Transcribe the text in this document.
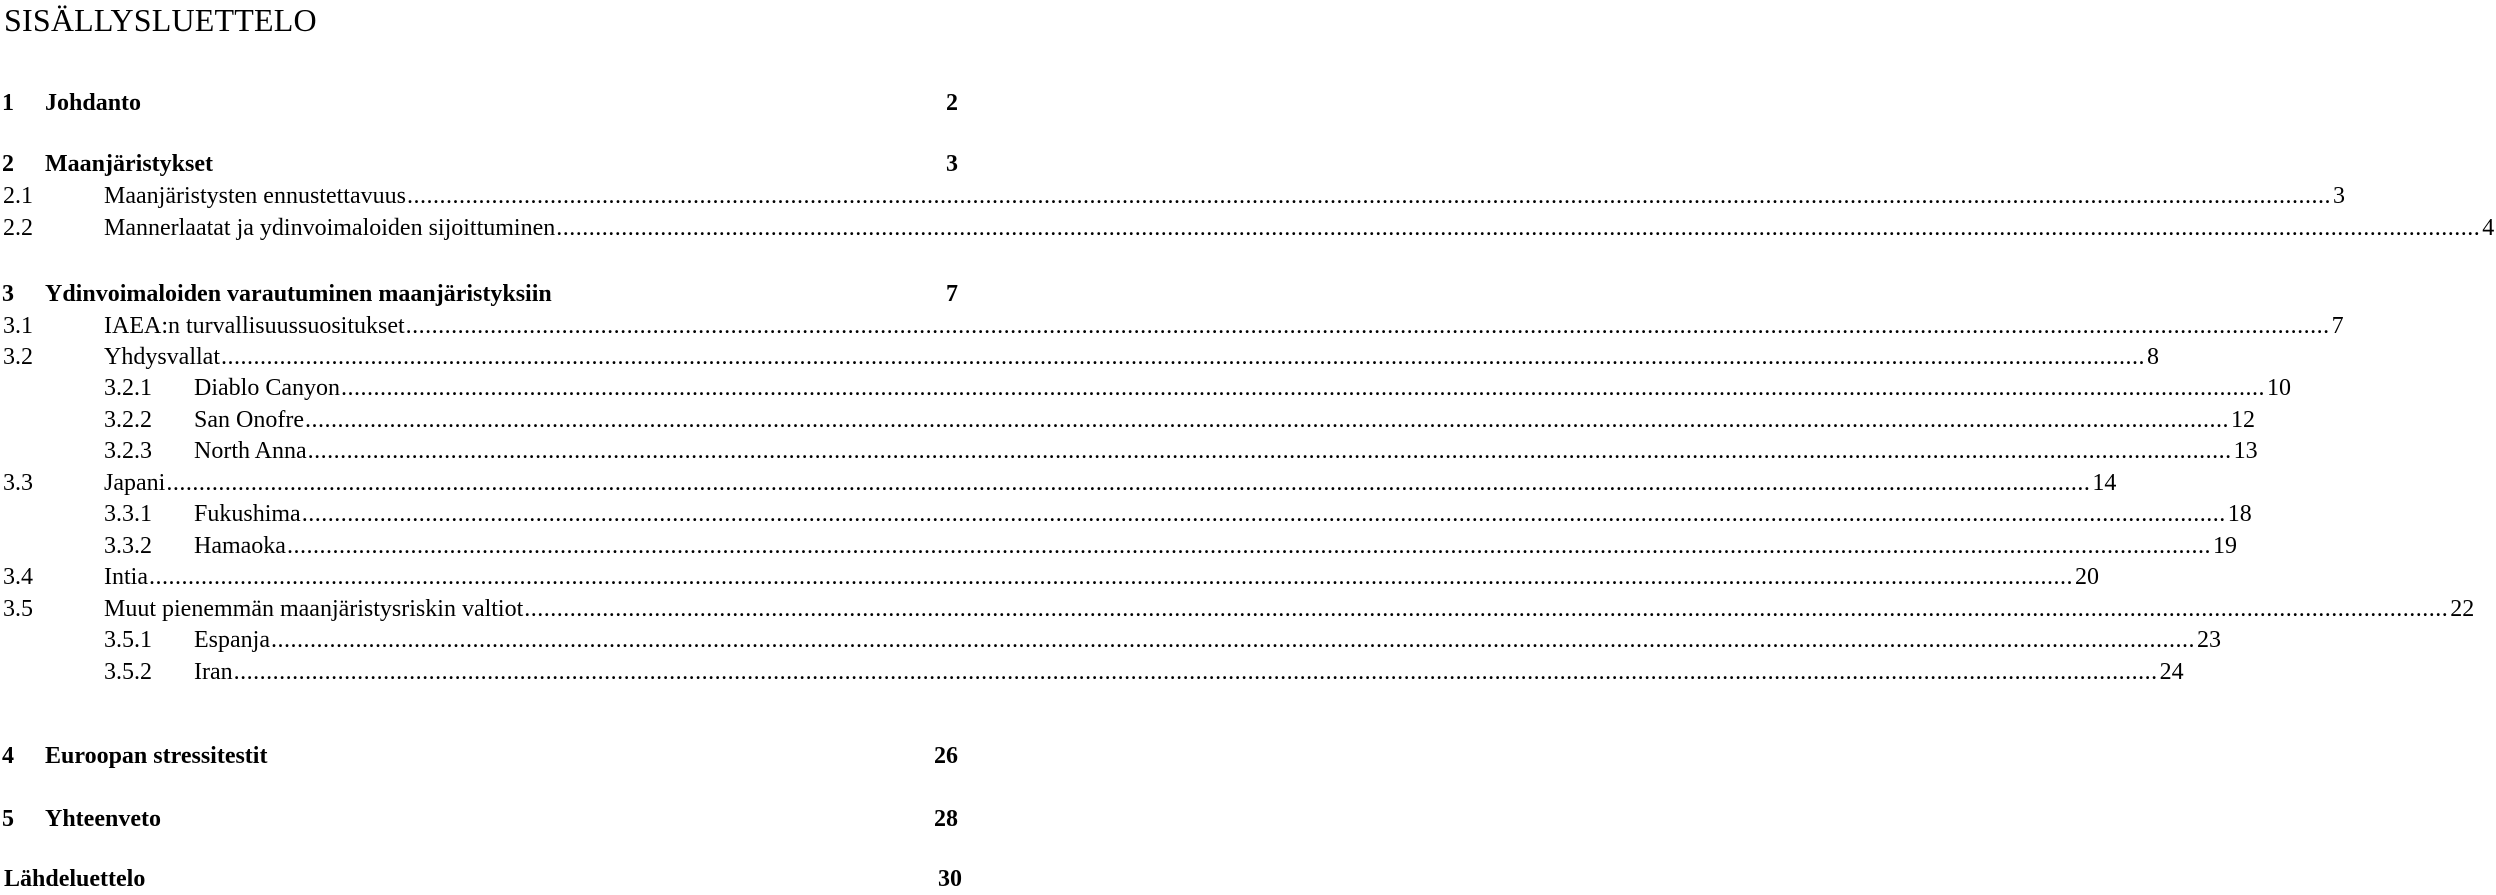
SISÄLLYSLUETTELO
1	Johdanto	2
2	Maanjäristykset	3
2.1	Maanjäristysten ennustettavuus .....	3
2.2	Mannerlaatat ja ydinvoimaloiden sijoittuminen .....	4
3	Ydinvoimaloiden varautuminen maanjäristyksiin	7
3.1	IAEA:n turvallisuussuositukset .....	7
3.2	Yhdysvallat .....	8
3.2.1	Diablo Canyon .....	10
3.2.2	San Onofre .....	12
3.2.3	North Anna .....	13
3.3	Japani .....	14
3.3.1	Fukushima .....	18
3.3.2	Hamaoka .....	19
3.4	Intia .....	20
3.5	Muut pienemmän maanjäristysriskin valtiot .....	22
3.5.1	Espanja .....	23
3.5.2	Iran .....	24
4	Euroopan stressitestit	26
5	Yhteenveto	28
Lähdeluettelo	30
